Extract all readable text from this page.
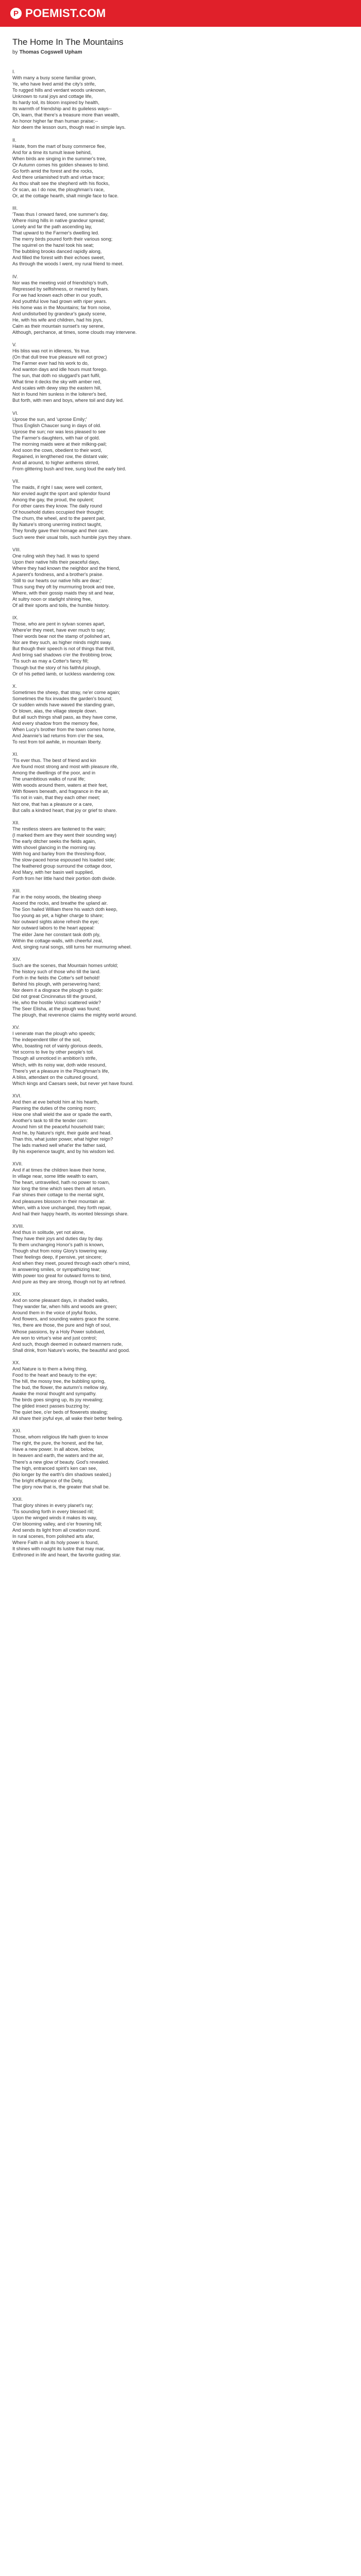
P POEMIST.COM
The Home In The Mountains
by Thomas Cogswell Upham
I.
With many a busy scene familiar grown,
Ye, who have lived amid the city's strife,
To rugged hills and verdant woods unknown,
Unknown to rural joys and cottage life,
Its hardy toil, its bloom inspired by health,
Its warmth of friendship and its guileless ways--
Oh, learn, that there's a treasure more than wealth,
An honor higher far than human praise;--
Nor deem the lesson ours, though read in simple lays.
II.
Haste, from the mart of busy commerce flee,
And for a time its tumult leave behind,
When birds are singing in the summer's tree,
Or Autumn comes his golden sheaves to bind.
Go forth amid the forest and the rocks,
And there unlamished truth and virtue trace;
As thou shalt see the shepherd with his flocks,
Or scan, as I do now, the ploughman's race,
Or, at the cottage hearth, shalt mingle face to face.
III.
'Twas thus I onward fared, one summer's day,
Where rising hills in native grandeur spread;
Lonely and far the path ascending lay,
That upward to the Farmer's dwelling led.
The merry birds poured forth their various song;
The squirrel on the hazel took his seat;
The bubbling brooks danced rapidly along,
And filled the forest with their echoes sweet,
As through the woods I went, my rural friend to meet.
IV.
Nor was the meeting void of friendship's truth,
Repressed by selfishness, or marred by fears.
For we had known each other in our youth,
And youthful love had grown with riper years.
His home was in the Mountains; far from noise,
And undisturbed by grandeur's gaudy scene,
He, with his wife and children, had his joys,
Calm as their mountain sunset's ray serene,
Although, perchance, at times, some clouds may intervene.
V.
His bliss was not in idleness, 'tis true.
(On that dull tree true pleasure will not grow;)
The Farmer ever had his work to do,
And wanton days and idle hours must forego.
The sun, that doth no sluggard's part fulfil,
What time it decks the sky with amber red,
And scales with dewy step the eastern hill,
Not in found him sunless in the loiterer's bed,
But forth, with men and boys, where toil and duty led.
VI.
Uprose the sun, and 'uprose Emily;'
Thus English Chaucer sung in days of old.
Uprose the sun; nor was less pleased to see
The Farmer's daughters, with hair of gold.
The morning maids were at their milking-pail;
And soon the cows, obedient to their word,
Regained, in lengthened row, the distant vale;
And all around, to higher anthems stirred,
From glittering bush and tree, sung loud the early bird.
VII.
The maids, if right I saw, were well content,
Nor envied aught the sport and splendor found
Among the gay, the proud, the opulent;
For other cares they know. The daily round
Of household duties occupied their thought;
The churn, the wheel, and to the parent pair,
By Nature's strong unerring instinct taught,
They fondly gave their homage and their care.
Such were their usual toils, such humble joys they share.
VIII.
One ruling wish they had. It was to spend
Upon their native hills their peaceful days,
Where they had known the neighbor and the friend,
A parent's fondness, and a brother's praise.
'Still to our hearts our native hills are dear;'
Thus sung they oft by murmuring brook and tree,
Where, with their gossip maids they sit and hear,
At sultry noon or starlight shining free,
Of all their sports and toils, the humble history.
IX.
Those, who are pent in sylvan scenes apart,
Where'er they meet, have ever much to say;
Their words bear not the stamp of polished art,
Nor are they such, as higher minds might sway.
But though their speech is not of things that thrill,
And bring sad shadows o'er the throbbing brow,
'Tis such as may a Cotter's fancy fill;
Though but the story of his faithful plough,
Or of his petted lamb, or luckless wandering cow.
X.
Sometimes the sheep, that stray, ne'er come again;
Sometimes the fox invades the garden's bound;
Or sudden winds have waved the standing grain,
Or blown, alas, the village steeple down.
But all such things shall pass, as they have come,
And every shadow from the memory flee,
When Lucy's brother from the town comes home,
And Jeannie's lad returns from o'er the sea,
To rest from toil awhile, in mountain liberty.
XI.
'Tis ever thus. The best of friend and kin
Are found most strong and most with pleasure rife,
Among the dwellings of the poor, and in
The unambitious walks of rural life;
With woods around them, waters at their feet,
With flowers beneath, and fragrance in the air,
'Tis not in vain, that they each other meet;
Not one, that has a pleasure or a care,
But calls a kindred heart, that joy or grief to share.
XII.
The restless steers are fastened to the wain;
(I marked them are they went their sounding way)
The early ditcher seeks the fields again,
With shovel glancing in the morning ray.
With hog and barley from the threshing-floor,
The slow-paced horse espoused his loaded side;
The feathered group surround the cottage door,
And Mary, with her basin well supplied,
Forth from her little hand their portion doth divide.
XIII.
Far in the noisy woods, the bleating sheep
Ascend the rocks, and breathe the upland air.
The Son hailed William there his watch doth keep,
Too young as yet, a higher charge to share;
Nor outward sights alone refresh the eye;
Nor outward labors to the heart appeal:
The elder Jane her constant task doth ply,
Within the cottage-walls, with cheerful zeal,
And, singing rural songs, still turns her murmuring wheel.
XIV.
Such are the scenes, that Mountain homes unfold;
The history such of those who till the land.
Forth in the fields the Cotter's self behold!
Behind his plough, with persevering hand;
Nor deem it a disgrace the plough to guide:
Did not great Cincinnatus till the ground,
He, who the hostile Volsci scattered wide?
The Seer Elisha, at the plough was found;
The plough, that reverence claims the mighty world around.
XV.
I venerate man the plough who speeds;
The independent tiller of the soil,
Who, boasting not of vainly glorious deeds,
Yet scorns to live by other people's toil.
Though all unnoticed in ambition's strife,
Which, with its noisy war, doth wide resound,
There's yet a pleasure in the Ploughman's life,
A bliss, attendant on the cultured ground,
Which kings and Caesars seek, but never yet have found.
XVI.
And then at eve behold him at his hearth,
Planning the duties of the coming morn;
How one shall wield the axe or spade the earth,
Another's task to till the tender corn:
Around him sit the peaceful household train;
And he, by Nature's right, their guide and head.
Than this, what juster power, what higher reign?
The lads marked well what'er the father said,
By his experience taught, and by his wisdom led.
XVII.
And if at times the children leave their home,
In village near, some little wealth to earn,
The heart, untravelled, hath no power to roam,
Nor long the time which sees them all return.
Fair shines their cottage to the mental sight,
And pleasures blossom in their mountain air.
When, with a love unchanged, they forth repair,
And hail their happy hearth, its wonted blessings share.
XVIII.
And thus in solitude, yet not alone,
They have their joys and duties day by day.
To them unchanging Honor's path is known,
Though shut from noisy Glory's towering way.
Their feelings deep, if pensive, yet sincere;
And when they meet, poured through each other's mind,
In answering smiles, or sympathizing tear;
With power too great for outward forms to bind,
And pure as they are strong, though not by art refined.
XIX.
And on some pleasant days, in shaded walks,
They wander far, when hills and woods are green;
Around them in the voice of joyful flocks,
And flowers, and sounding waters grace the scene.
Yes, there are those, the pure and high of soul,
Whose passions, by a Holy Power subdued,
Are won to virtue's wise and just control;
And such, though deemed in outward manners rude,
Shall drink, from Nature's works, the beautiful and good.
XX.
And Nature is to them a living thing,
Food to the heart and beauty to the eye;
The hill, the mossy tree, the bubbling spring,
The bud, the flower, the autumn's mellow sky,
Awake the moral thought and sympathy.
The birds goes singing up, its joy revealing;
The gilded insect passes buzzing by;
The quiet bee, o'er beds of flowerets stealing;
All share their joyful eye, all wake their better feeling.
XXI.
Those, whom religious life hath given to know
The right, the pure, the honest, and the fair,
Have a new power. In all above, below,
In heaven and earth, the waters and the air,
There's a new glow of beauty. God's revealed.
The high, entranced spirit's ken can see,
(No longer by the earth's dim shadows sealed,)
The bright effulgence of the Deity,
The glory now that is, the greater that shall be.
XXII.
That glory shines in every planet's ray;
'Tis sounding forth in every blessed rill;
Upon the winged winds it makes its way,
O'er blooming valley, and o'er frowning hill;
And sends its light from all creation round.
In rural scenes, from polished arts afar,
Where Faith in all its holy power is found,
It shines with nought its lustre that may mar,
Enthroned in life and heart, the favorite guiding star.
